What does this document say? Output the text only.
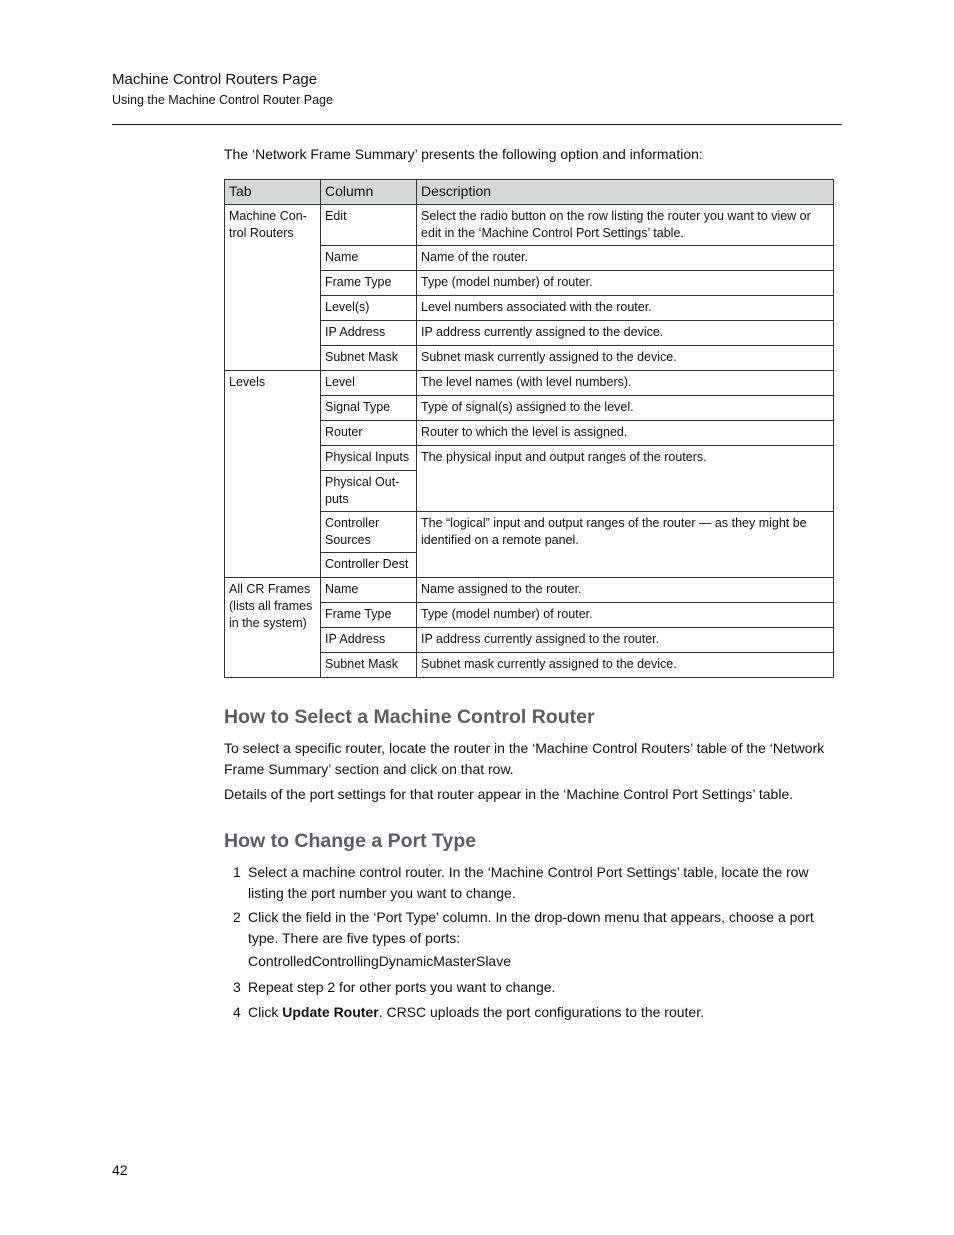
Machine Control Routers Page
Using the Machine Control Router Page
The ‘Network Frame Summary’ presents the following option and information:
Tab	Column	Description
Machine Con-trol Routers	Edit	Select the radio button on the row listing the router you want to view or edit in the ‘Machine Control Port Settings’ table.
	Name	Name of the router.
	Frame Type	Type (model number) of router.
	Level(s)	Level numbers associated with the router.
	IP Address	IP address currently assigned to the device.
	Subnet Mask	Subnet mask currently assigned to the device.
Levels	Level	The level names (with level numbers).
	Signal Type	Type of signal(s) assigned to the level.
	Router	Router to which the level is assigned.
	Physical Inputs	The physical input and output ranges of the routers.
	Physical Out-puts	
	Controller Sources	The “logical” input and output ranges of the router — as they might be identified on a remote panel.
	Controller Dest	
All CR Frames (lists all frames in the system)	Name	Name assigned to the router.
	Frame Type	Type (model number) of router.
	IP Address	IP address currently assigned to the router.
	Subnet Mask	Subnet mask currently assigned to the device.
How to Select a Machine Control Router

To select a specific router, locate the router in the ‘Machine Control Routers’ table of the ‘Network Frame Summary’ section and click on that row.

Details of the port settings for that router appear in the ‘Machine Control Port Settings’ table.

How to Change a Port Type
1 Select a machine control router. In the ‘Machine Control Port Settings’ table, locate the row listing the port number you want to change.
2 Click the field in the ‘Port Type’ column. In the drop-down menu that appears, choose a port type. There are five types of ports:
ControlledControllingDynamicMasterSlave
3 Repeat step 2 for other ports you want to change.
4 Click Update Router. CRSC uploads the port configurations to the router.
42
